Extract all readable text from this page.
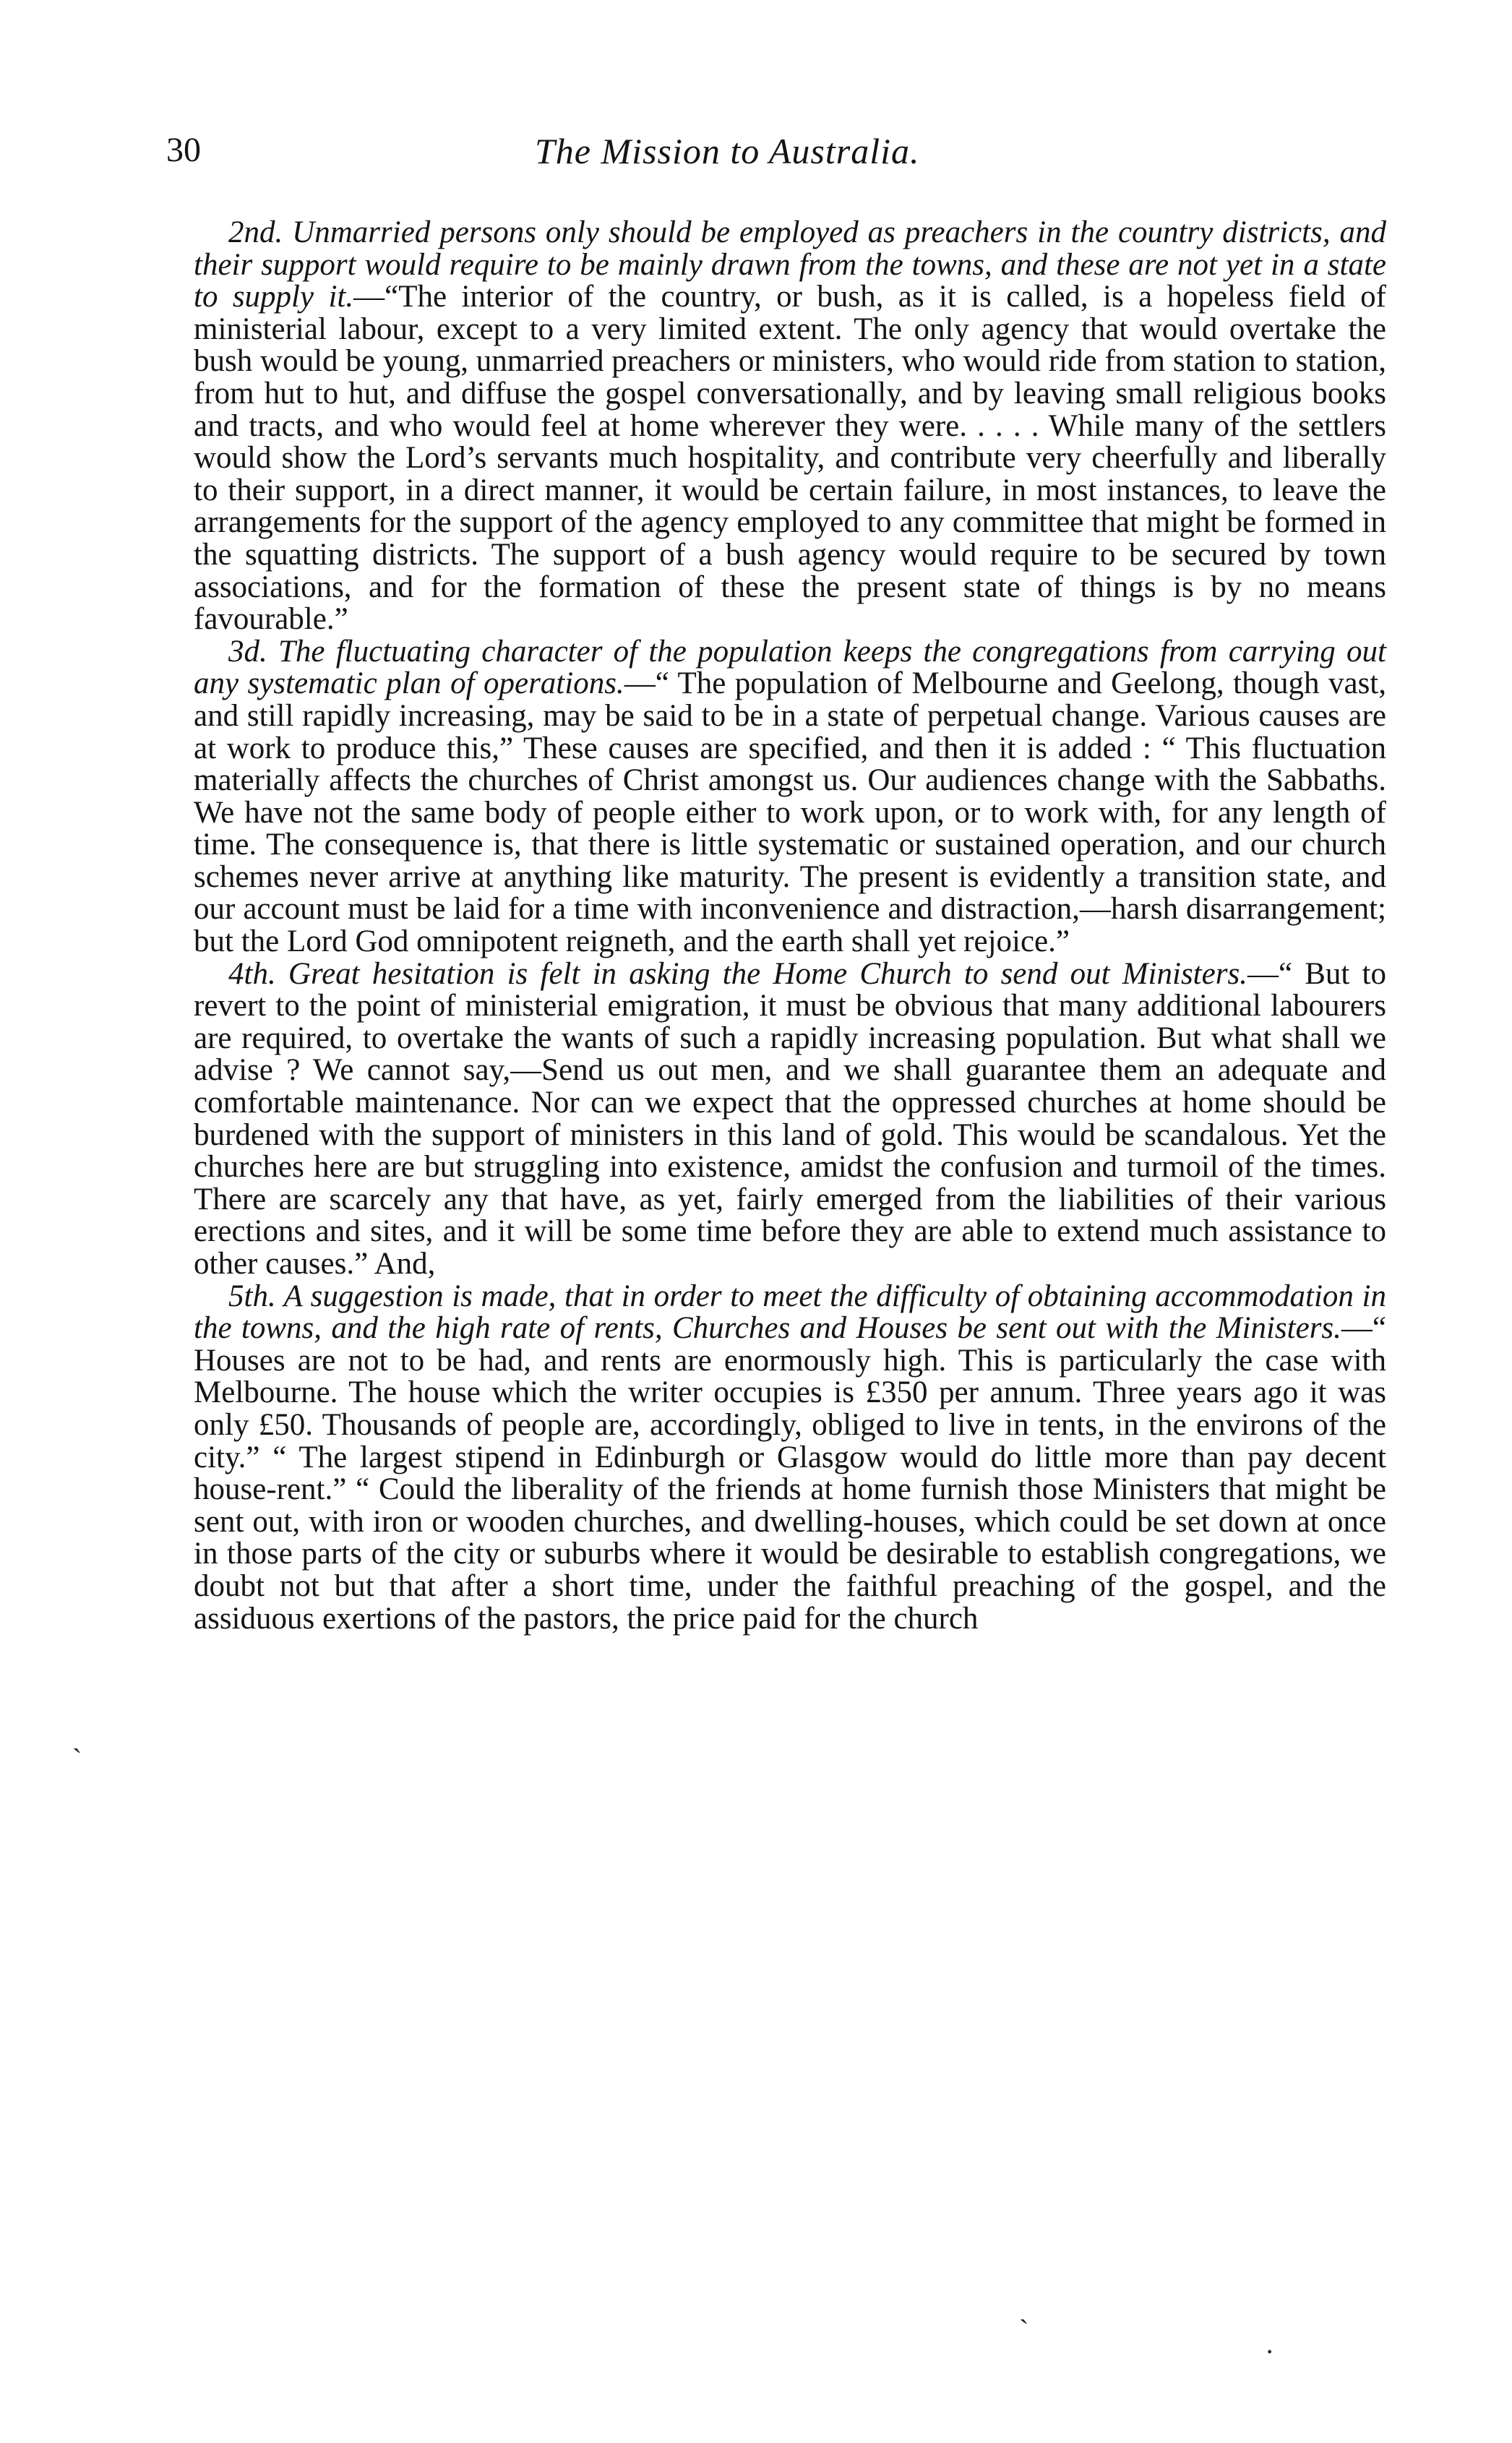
30	The Mission to Australia.

2nd. Unmarried persons only should be employed as preachers in the country districts, and their support would require to be mainly drawn from the towns, and these are not yet in a state to supply it.—“The interior of the country, or bush, as it is called, is a hopeless field of ministerial labour, except to a very limited extent. The only agency that would overtake the bush would be young, unmarried preachers or ministers, who would ride from station to station, from hut to hut, and diffuse the gospel conversationally, and by leaving small religious books and tracts, and who would feel at home wherever they were. . . . . While many of the settlers would show the Lord’s servants much hospitality, and contribute very cheerfully and liberally to their support, in a direct manner, it would be certain failure, in most instances, to leave the arrangements for the support of the agency employed to any committee that might be formed in the squatting districts. The support of a bush agency would require to be secured by town associations, and for the formation of these the present state of things is by no means favourable.”

3d. The fluctuating character of the population keeps the congregations from carrying out any systematic plan of operations.—“ The population of Melbourne and Geelong, though vast, and still rapidly increasing, may be said to be in a state of perpetual change. Various causes are at work to produce this,” These causes are specified, and then it is added : “ This fluctuation materially affects the churches of Christ amongst us. Our audiences change with the Sabbaths. We have not the same body of people either to work upon, or to work with, for any length of time. The consequence is, that there is little systematic or sustained operation, and our church schemes never arrive at anything like maturity. The present is evidently a transition state, and our account must be laid for a time with inconvenience and distraction,—harsh disarrangement; but the Lord God omnipotent reigneth, and the earth shall yet rejoice.”

4th. Great hesitation is felt in asking the Home Church to send out Ministers.—“ But to revert to the point of ministerial emigration, it must be obvious that many additional labourers are required, to overtake the wants of such a rapidly increasing population. But what shall we advise ? We cannot say,—Send us out men, and we shall guarantee them an adequate and comfortable maintenance. Nor can we expect that the oppressed churches at home should be burdened with the support of ministers in this land of gold. This would be scandalous. Yet the churches here are but struggling into existence, amidst the confusion and turmoil of the times. There are scarcely any that have, as yet, fairly emerged from the liabilities of their various erections and sites, and it will be some time before they are able to extend much assistance to other causes.” And,

5th. A suggestion is made, that in order to meet the difficulty of obtaining accommodation in the towns, and the high rate of rents, Churches and Houses be sent out with the Ministers.—“ Houses are not to be had, and rents are enormously high. This is particularly the case with Melbourne. The house which the writer occupies is £350 per annum. Three years ago it was only £50. Thousands of people are, accordingly, obliged to live in tents, in the environs of the city.” “ The largest stipend in Edinburgh or Glasgow would do little more than pay decent house-rent.” “ Could the liberality of the friends at home furnish those Ministers that might be sent out, with iron or wooden churches, and dwelling-houses, which could be set down at once in those parts of the city or suburbs where it would be desirable to establish congregations, we doubt not but that after a short time, under the faithful preaching of the gospel, and the assiduous exertions of the pastors, the price paid for the church

ˋ
ˋ
·
